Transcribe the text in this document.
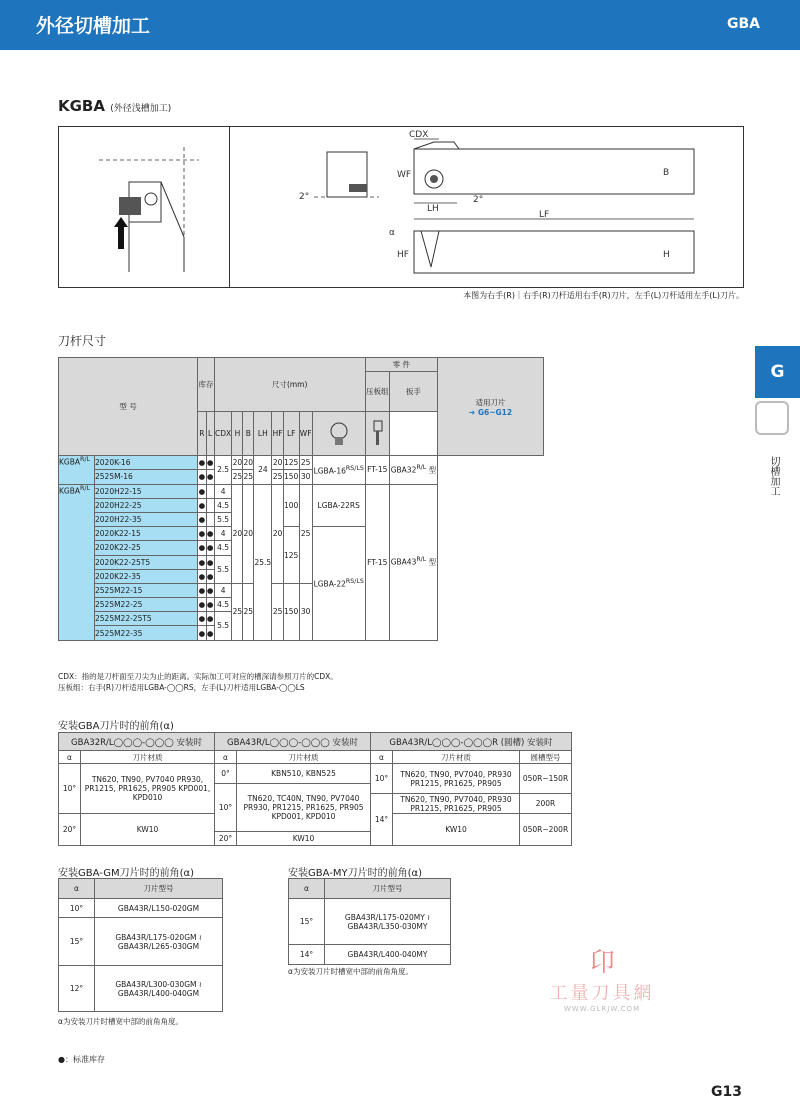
外径切槽加工	GBA
KGBA (外径浅槽加工)
2°
CDX
WF	B
LF
LH
2°
α
HF	H
本图为右手(R)｜右手(R)刀杆适用右手(R)刀片，左手(L)刀杆适用左手(L)刀片。
刀杆尺寸
型 号		库存		尺寸(mm)								零 件		适用刀片
➔ G6~G12

												压板组	扳手	
		R	L	CDX	H	B	LH	HF	LF	WF		
$KGBA^{R/L}$	2020K-16	●	●	2.5	20	20	24	20	125	25	LGBA-$16^{RS/LS}$	FT-15	$GBA32^{R/L}$ 型	
	2525M-16	●	●		25	25		25	150	30				
$KGBA^{R/L}$	2020H22-15	●		4	20	20	25.5	20	100	25	LGBA-22RS	FT-15	$GBA43^{R/L}$ 型	
	2020H22-25	●		4.5										
	2020H22-35	●		5.5										
	2020K22-15	●	●	4					125		LGBA-$22^{RS/LS}$
	2020K22-25	●	●	4.5										
	2020K22-25T5	●	●	5.5										
	2020K22-35	●	●											
	2525M22-15	●	●	4	25	25		25	150	30				
	2525M22-25	●	●	4.5										
	2525M22-25T5	●	●	5.5										
	2525M22-35	●	●											
CDX：指的是刀杆面至刀尖为止的距离。实际加工可对应的槽深请参照刀片的CDX。
压板组：右手(R)刀杆适用LGBA-◯◯RS，左手(L)刀杆适用LGBA-◯◯LS
安装GBA刀片时的前角(α)
GBA32R/L◯◯◯-◯◯◯ 安装时		GBA43R/L◯◯◯-◯◯◯ 安装时		GBA43R/L◯◯◯-◯◯◯R (圆槽) 安装时		
α	刀片材质	α	刀片材质	α	刀片材质	圆槽型号
10°	TN620, TN90, PV7040 PR930, PR1215, PR1625, PR905 KPD001, KPD010	0°	KBN510, KBN525	10°	TN620, TN90, PV7040, PR930 PR1215, PR1625, PR905	050R~150R
		10°	TN620, TC40N, TN90, PV7040 PR930, PR1215, PR1625, PR905 KPD001, KPD010			
				14°	TN620, TN90, PV7040, PR930 PR1215, PR1625, PR905	200R
20°	KW10				KW10	050R~200R
		20°	KW10			
安装GBA-GM刀片时的前角(α)
α	刀片型号
10°	GBA43R/L150-020GM
15°	GBA43R/L175-020GM ≀ GBA43R/L265-030GM
12°	GBA43R/L300-030GM ≀ GBA43R/L400-040GM
α为安装刀片时槽宽中部的前角角度。
安装GBA-MY刀片时的前角(α)
α	刀片型号
15°	GBA43R/L175-020MY ≀ GBA43R/L350-030MY
14°	GBA43R/L400-040MY
α为安装刀片时槽宽中部的前角角度。
G
切槽加工
卬
工量刀具網
WWW.GLRJW.COM
●：标准库存
G13
